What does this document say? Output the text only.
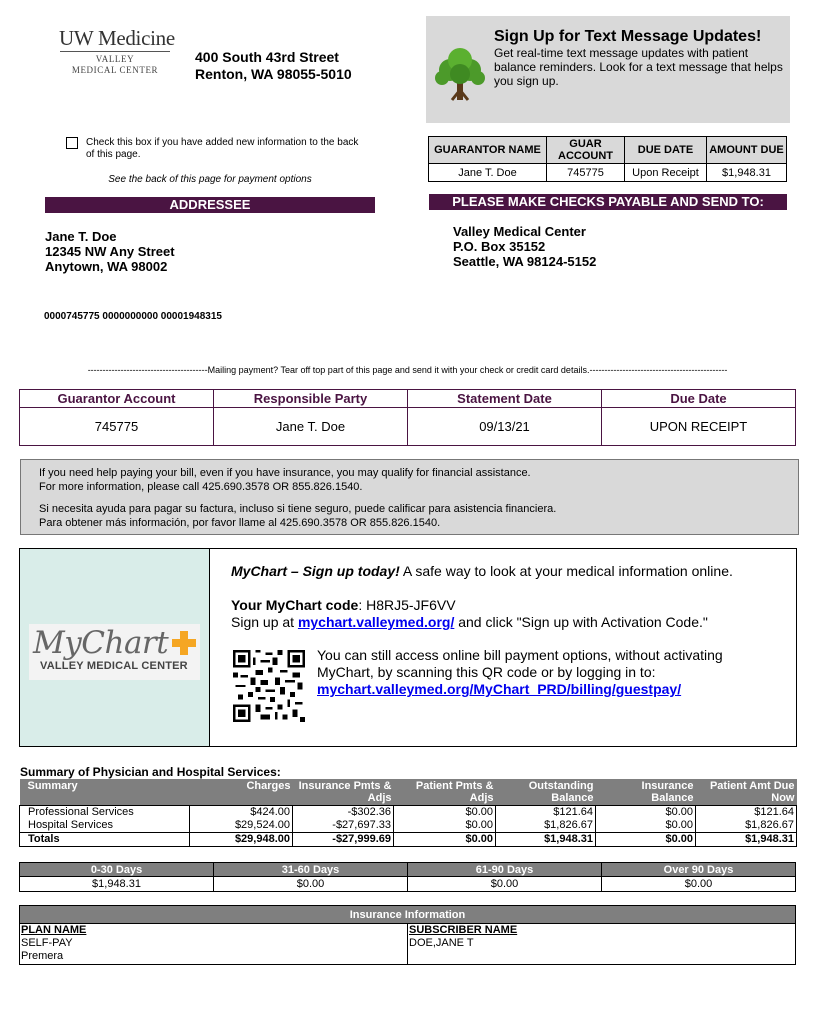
UW Medicine
VALLEY
MEDICAL CENTER
400 South 43rd Street
Renton, WA 98055-5010
Sign Up for Text Message Updates!
Get real-time text message updates with patient balance reminders. Look for a text message that helps you sign up.
GUARANTOR NAME	GUAR ACCOUNT	DUE DATE	AMOUNT DUE
Jane T. Doe	745775	Upon Receipt	$1,948.31
Check this box if you have added new information to the back of this page.
See the back of this page for payment options
ADDRESSEE	PLEASE MAKE CHECKS PAYABLE AND SEND TO:
Jane T. Doe
12345 NW Any Street
Anytown, WA 98002
Valley Medical Center
P.O. Box 35152
Seattle, WA 98124-5152
0000745775 0000000000 00001948315
----------------------------------------Mailing payment? Tear off top part of this page and send it with your check or credit card details.----------------------------------------------
Guarantor Account	Responsible Party	Statement Date	Due Date
745775	Jane T. Doe	09/13/21	UPON RECEIPT

If you need help paying your bill, even if you have insurance, you may qualify for financial assistance.

For more information, please call 425.690.3578 OR 855.826.1540.

Si necesita ayuda para pagar su factura, incluso si tiene seguro, puede calificar para asistencia financiera.

Para obtener más información, por favor llame al 425.690.3578 OR 855.826.1540.

MyChart
VALLEY MEDICAL CENTER
MyChart – Sign up today! A safe way to look at your medical information online.
Your MyChart code: H8RJ5-JF6VV
Sign up at mychart.valleymed.org/ and click "Sign up with Activation Code."
You can still access online bill payment options, without activating MyChart, by scanning this QR code or by logging in to:
mychart.valleymed.org/MyChart_PRD/billing/guestpay/
Summary of Physician and Hospital Services:
Summary	Charges	Insurance Pmts & Adjs	Patient Pmts & Adjs	Outstanding Balance	Insurance Balance	Patient Amt Due Now
Professional Services	$424.00	-$302.36	$0.00	$121.64	$0.00	$121.64
Hospital Services	$29,524.00	-$27,697.33	$0.00	$1,826.67	$0.00	$1,826.67
Totals	$29,948.00	-$27,999.69	$0.00	$1,948.31	$0.00	$1,948.31
0-30 Days	31-60 Days	61-90 Days	Over 90 Days
$1,948.31	$0.00	$0.00	$0.00
Insurance Information

PLAN NAME
SELF-PAY
Premera

SUBSCRIBER NAME
DOE,JANE T
